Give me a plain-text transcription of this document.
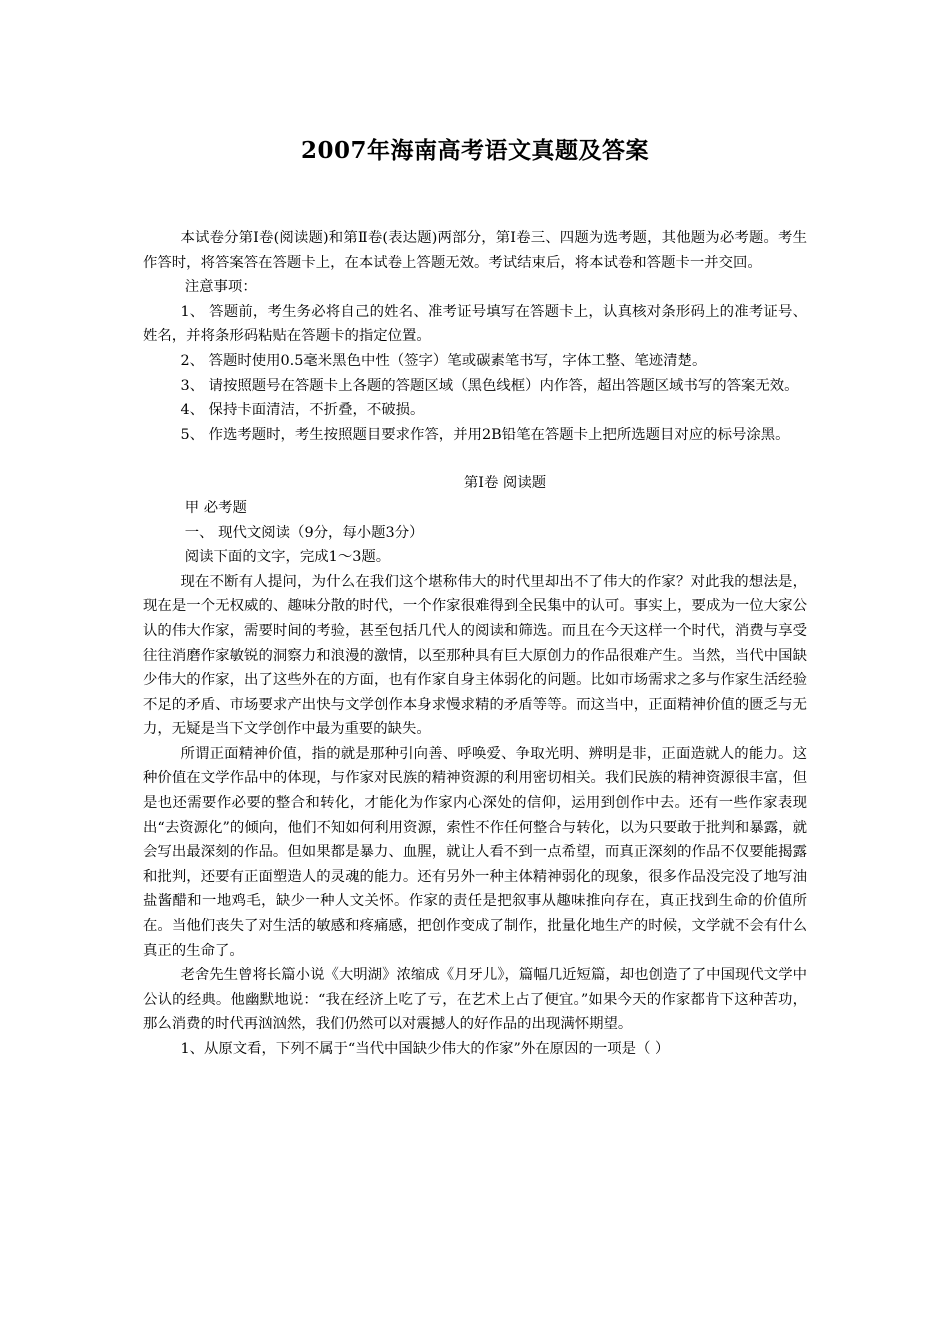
2007年海南高考语文真题及答案

本试卷分第Ⅰ卷(阅读题)和第Ⅱ卷(表达题)两部分，第Ⅰ卷三、四题为选考题，其他题为必考题。考生作答时，将答案答在答题卡上，在本试卷上答题无效。考试结束后，将本试卷和答题卡一并交回。

注意事项：

1、 答题前，考生务必将自己的姓名、准考证号填写在答题卡上，认真核对条形码上的准考证号、姓名，并将条形码粘贴在答题卡的指定位置。

2、 答题时使用0.5毫米黑色中性（签字）笔或碳素笔书写，字体工整、笔迹清楚。

3、 请按照题号在答题卡上各题的答题区域（黑色线框）内作答，超出答题区域书写的答案无效。

4、 保持卡面清洁，不折叠，不破损。

5、 作选考题时，考生按照题目要求作答，并用2B铅笔在答题卡上把所选题目对应的标号涂黑。

第Ⅰ卷 阅读题

甲 必考题

一、 现代文阅读（9分，每小题3分）

阅读下面的文字，完成1～3题。

现在不断有人提问，为什么在我们这个堪称伟大的时代里却出不了伟大的作家？对此我的想法是，现在是一个无权威的、趣味分散的时代，一个作家很难得到全民集中的认可。事实上，要成为一位大家公认的伟大作家，需要时间的考验，甚至包括几代人的阅读和筛选。而且在今天这样一个时代，消费与享受往往消磨作家敏锐的洞察力和浪漫的激情，以至那种具有巨大原创力的作品很难产生。当然，当代中国缺少伟大的作家，出了这些外在的方面，也有作家自身主体弱化的问题。比如市场需求之多与作家生活经验不足的矛盾、市场要求产出快与文学创作本身求慢求精的矛盾等等。而这当中，正面精神价值的匮乏与无力，无疑是当下文学创作中最为重要的缺失。

所谓正面精神价值，指的就是那种引向善、呼唤爱、争取光明、辨明是非，正面造就人的能力。这种价值在文学作品中的体现，与作家对民族的精神资源的利用密切相关。我们民族的精神资源很丰富，但是也还需要作必要的整合和转化，才能化为作家内心深处的信仰，运用到创作中去。还有一些作家表现出“去资源化”的倾向，他们不知如何利用资源，索性不作任何整合与转化，以为只要敢于批判和暴露，就会写出最深刻的作品。但如果都是暴力、血腥，就让人看不到一点希望，而真正深刻的作品不仅要能揭露和批判，还要有正面塑造人的灵魂的能力。还有另外一种主体精神弱化的现象，很多作品没完没了地写油盐酱醋和一地鸡毛，缺少一种人文关怀。作家的责任是把叙事从趣味推向存在，真正找到生命的价值所在。当他们丧失了对生活的敏感和疼痛感，把创作变成了制作，批量化地生产的时候，文学就不会有什么真正的生命了。

老舍先生曾将长篇小说《大明湖》浓缩成《月牙儿》，篇幅几近短篇，却也创造了了中国现代文学中公认的经典。他幽默地说：“我在经济上吃了亏，在艺术上占了便宜。”如果今天的作家都肯下这种苦功，那么消费的时代再汹汹然，我们仍然可以对震撼人的好作品的出现满怀期望。

1、从原文看，下列不属于“当代中国缺少伟大的作家”外在原因的一项是（ ）
